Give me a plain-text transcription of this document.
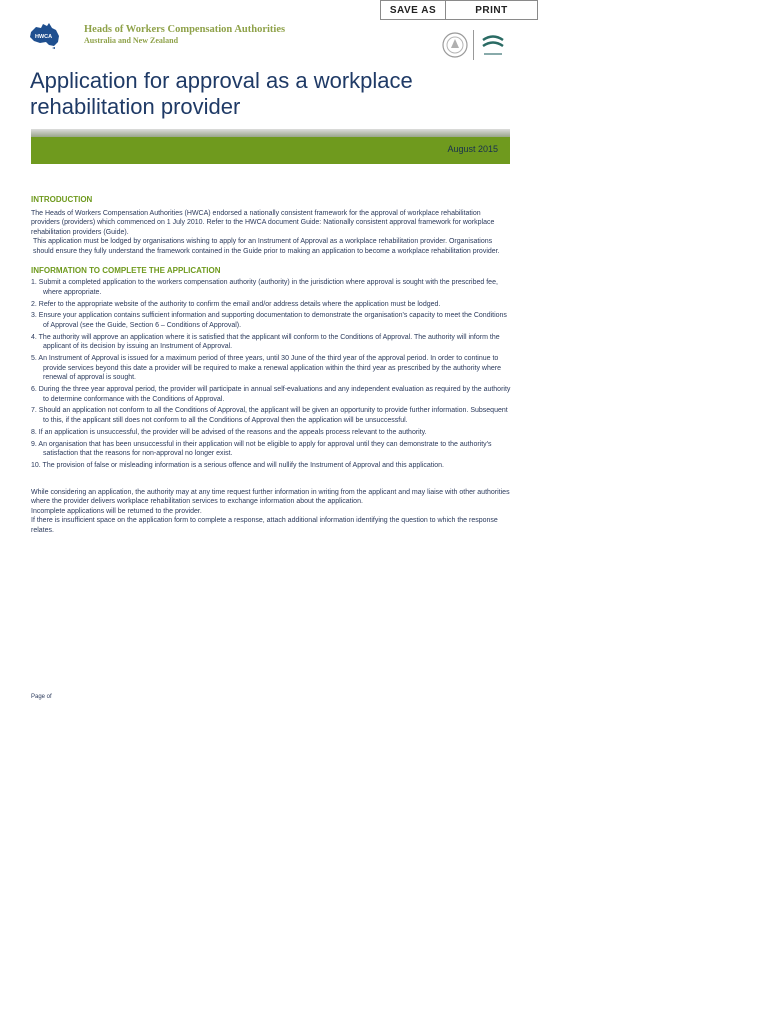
SAVE AS	PRINT
HWCA
Heads of Workers Compensation Authorities
Australia and New Zealand
Application for approval as a workplace rehabilitation provider
August 2015
INTRODUCTION

The Heads of Workers Compensation Authorities (HWCA) endorsed a nationally consistent framework for the approval of workplace rehabilitation providers (providers) which commenced on 1 July 2010. Refer to the HWCA document Guide: Nationally consistent approval framework for workplace rehabilitation providers (Guide).

This application must be lodged by organisations wishing to apply for an Instrument of Approval as a workplace rehabilitation provider. Organisations should ensure they fully understand the framework contained in the Guide prior to making an application to become a workplace rehabilitation provider.

INFORMATION TO COMPLETE THE APPLICATION
1. Submit a completed application to the workers compensation authority (authority) in the jurisdiction where approval is sought with the prescribed fee, where appropriate.
2. Refer to the appropriate website of the authority to confirm the email and/or address details where the application must be lodged.
3. Ensure your application contains sufficient information and supporting documentation to demonstrate the organisation's capacity to meet the Conditions of Approval (see the Guide, Section 6 – Conditions of Approval).
4. The authority will approve an application where it is satisfied that the applicant will conform to the Conditions of Approval. The authority will inform the applicant of its decision by issuing an Instrument of Approval.
5. An Instrument of Approval is issued for a maximum period of three years, until 30 June of the third year of the approval period. In order to continue to provide services beyond this date a provider will be required to make a renewal application within the third year as prescribed by the authority where renewal of approval is sought.
6. During the three year approval period, the provider will participate in annual self-evaluations and any independent evaluation as required by the authority to determine conformance with the Conditions of Approval.
7. Should an application not conform to all the Conditions of Approval, the applicant will be given an opportunity to provide further information. Subsequent to this, if the applicant still does not conform to all the Conditions of Approval then the application will be unsuccessful.
8. If an application is unsuccessful, the provider will be advised of the reasons and the appeals process relevant to the authority.
9. An organisation that has been unsuccessful in their application will not be eligible to apply for approval until they can demonstrate to the authority's satisfaction that the reasons for non-approval no longer exist.
10. The provision of false or misleading information is a serious offence and will nullify the Instrument of Approval and this application.

While considering an application, the authority may at any time request further information in writing from the applicant and may liaise with other authorities where the provider delivers workplace rehabilitation services to exchange information about the application.

Incomplete applications will be returned to the provider.

If there is insufficient space on the application form to complete a response, attach additional information identifying the question to which the response relates.

Page of
